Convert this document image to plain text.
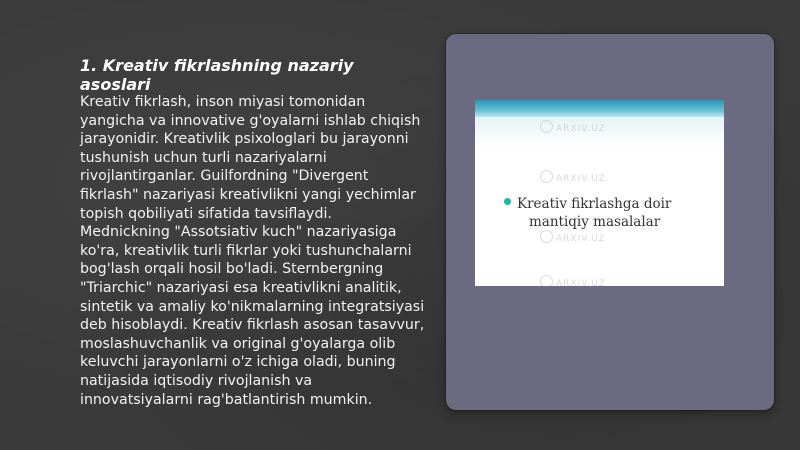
1. Kreativ fikrlashning nazariy asoslari
Kreativ fikrlash, inson miyasi tomonidan yangicha va innovative g'oyalarni ishlab chiqish jarayonidir. Kreativlik psixologlari bu jarayonni tushunish uchun turli nazariyalarni rivojlantirganlar. Guilfordning "Divergent fikrlash" nazariyasi kreativlikni yangi yechimlar topish qobiliyati sifatida tavsiflaydi. Mednickning "Assotsiativ kuch" nazariyasiga ko'ra, kreativlik turli fikrlar yoki tushunchalarni bog'lash orqali hosil bo'ladi. Sternbergning "Triarchic" nazariyasi esa kreativlikni analitik, sintetik va amaliy ko'nikmalarning integratsiyasi deb hisoblaydi. Kreativ fikrlash asosan tasavvur, moslashuvchanlik va original g'oyalarga olib keluvchi jarayonlarni o'z ichiga oladi, buning natijasida iqtisodiy rivojlanish va innovatsiyalarni rag'batlantirish mumkin.
ARXIV.UZ
ARXIV.UZ
ARXIV.UZ
ARXIV.UZ
Kreativ fikrlashga doir
mantiqiy masalalar
